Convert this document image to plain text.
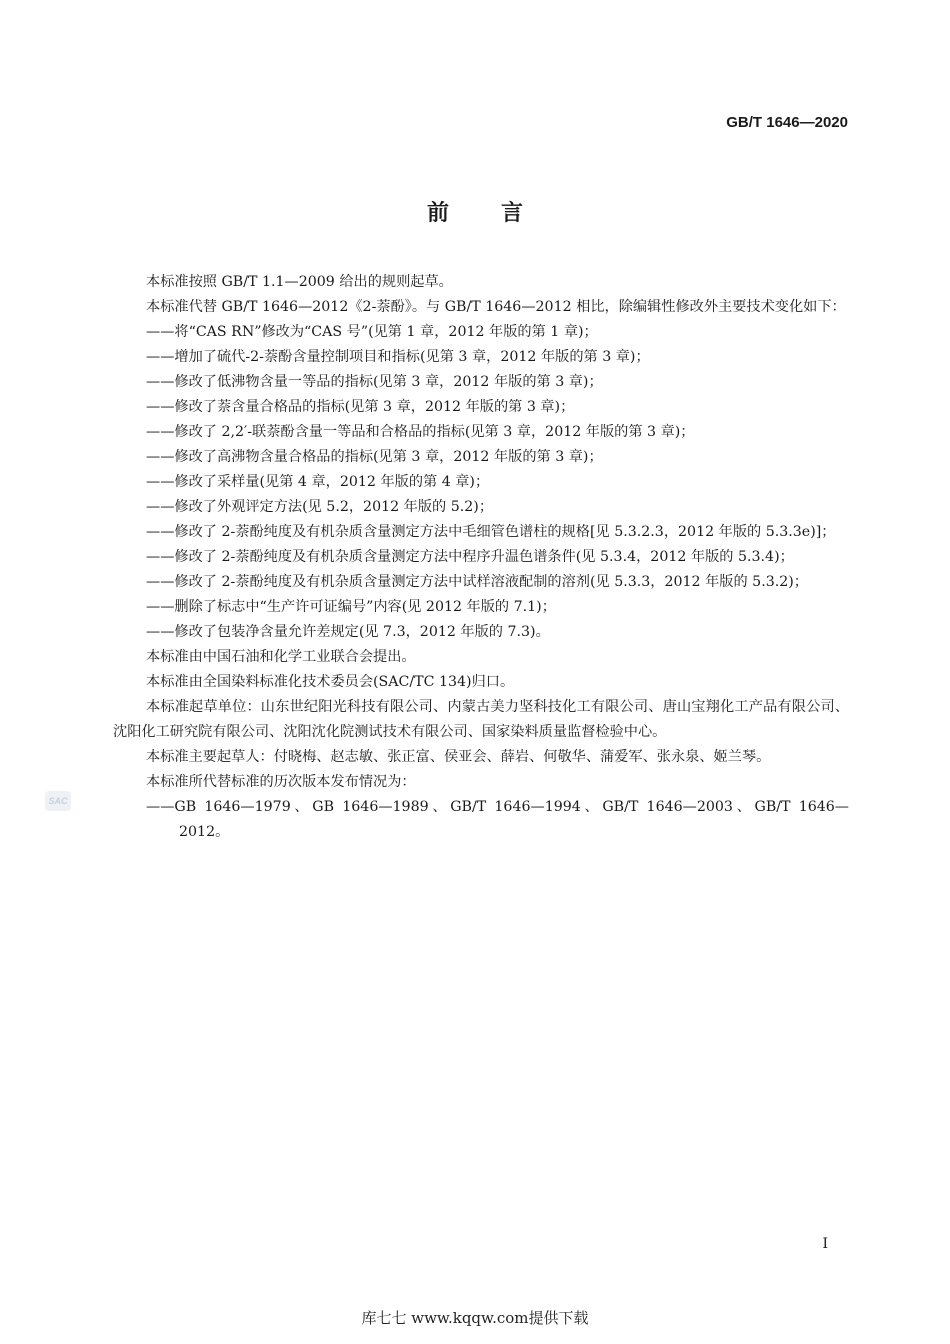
GB/T 1646—2020
前言

本标准按照 GB/T 1.1—2009 给出的规则起草。

本标准代替 GB/T 1646—2012《2-萘酚》。与 GB/T 1646—2012 相比，除编辑性修改外主要技术变化如下：

——将“CAS RN”修改为“CAS 号”(见第 1 章，2012 年版的第 1 章)；
——增加了硫代-2-萘酚含量控制项目和指标(见第 3 章，2012 年版的第 3 章)；
——修改了低沸物含量一等品的指标(见第 3 章，2012 年版的第 3 章)；
——修改了萘含量合格品的指标(见第 3 章，2012 年版的第 3 章)；
——修改了 2,2′-联萘酚含量一等品和合格品的指标(见第 3 章，2012 年版的第 3 章)；
——修改了高沸物含量合格品的指标(见第 3 章，2012 年版的第 3 章)；
——修改了采样量(见第 4 章，2012 年版的第 4 章)；
——修改了外观评定方法(见 5.2，2012 年版的 5.2)；
——修改了 2-萘酚纯度及有机杂质含量测定方法中毛细管色谱柱的规格[见 5.3.2.3，2012 年版的 5.3.3e)]；
——修改了 2-萘酚纯度及有机杂质含量测定方法中程序升温色谱条件(见 5.3.4，2012 年版的 5.3.4)；
——修改了 2-萘酚纯度及有机杂质含量测定方法中试样溶液配制的溶剂(见 5.3.3，2012 年版的 5.3.2)；
——删除了标志中“生产许可证编号”内容(见 2012 年版的 7.1)；
——修改了包装净含量允许差规定(见 7.3，2012 年版的 7.3)。

本标准由中国石油和化学工业联合会提出。

本标准由全国染料标准化技术委员会(SAC/TC 134)归口。

本标准起草单位：山东世纪阳光科技有限公司、内蒙古美力坚科技化工有限公司、唐山宝翔化工产品有限公司、沈阳化工研究院有限公司、沈阳沈化院测试技术有限公司、国家染料质量监督检验中心。

本标准主要起草人：付晓梅、赵志敏、张正富、侯亚会、薛岩、何敬华、蒲爱军、张永泉、姬兰琴。

本标准所代替标准的历次版本发布情况为：

——GB 1646—1979、GB 1646—1989、GB/T 1646—1994、GB/T 1646—2003、GB/T 1646—2012。
SAC
I
库七七 www.kqqw.com提供下载
